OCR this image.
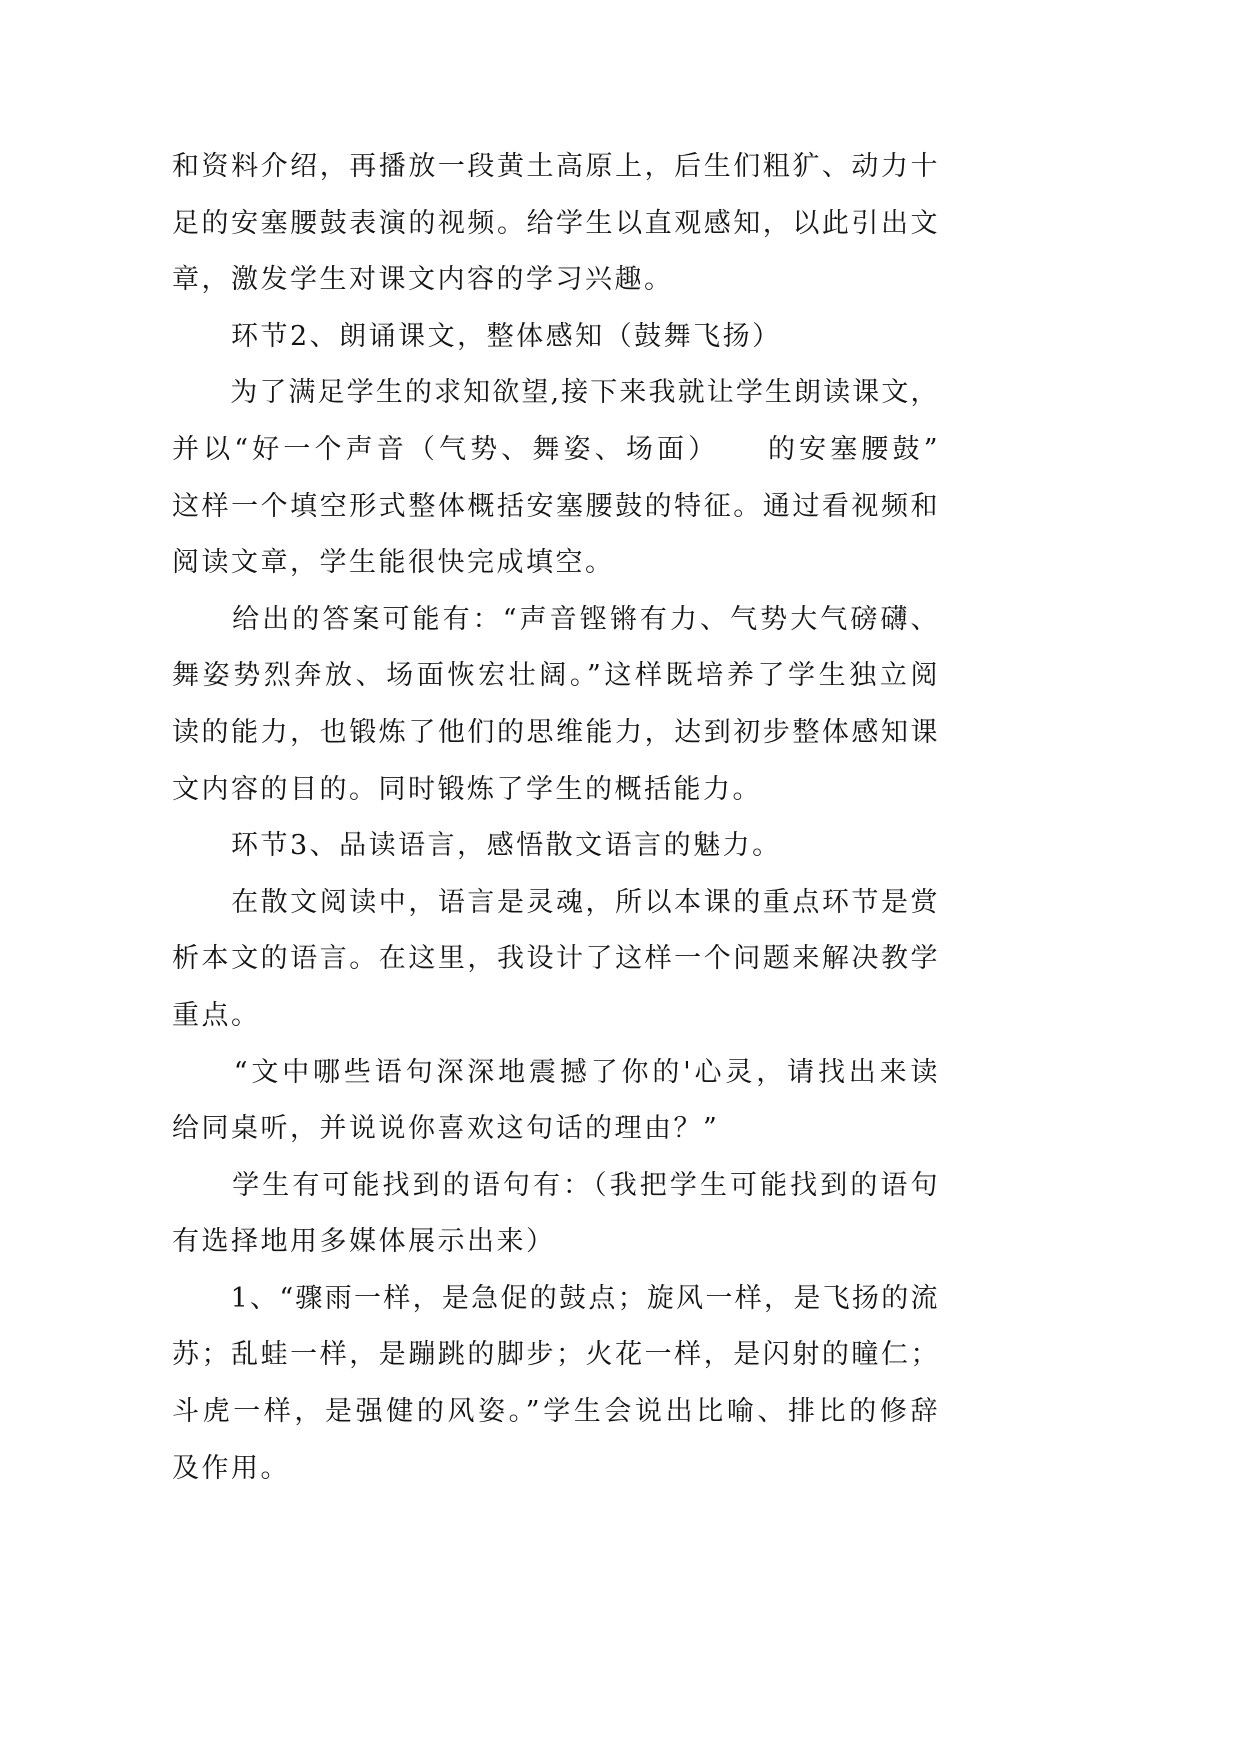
和资料介绍，再播放一段黄土高原上，后生们粗犷、动力十
足的安塞腰鼓表演的视频。给学生以直观感知，以此引出文
章，激发学生对课文内容的学习兴趣。
　　环节2、朗诵课文，整体感知（鼓舞飞扬）
　　为了满足学生的求知欲望,接下来我就让学生朗读课文，
并以“好一个声音（气势、舞姿、场面）　　的安塞腰鼓”
这样一个填空形式整体概括安塞腰鼓的特征。通过看视频和
阅读文章，学生能很快完成填空。
　　给出的答案可能有：“声音铿锵有力、气势大气磅礴、
舞姿势烈奔放、场面恢宏壮阔。”这样既培养了学生独立阅
读的能力，也锻炼了他们的思维能力，达到初步整体感知课
文内容的目的。同时锻炼了学生的概括能力。
　　环节3、品读语言，感悟散文语言的魅力。
　　在散文阅读中，语言是灵魂，所以本课的重点环节是赏
析本文的语言。在这里，我设计了这样一个问题来解决教学
重点。
　　“文中哪些语句深深地震撼了你的'心灵，请找出来读
给同桌听，并说说你喜欢这句话的理由？”
　　学生有可能找到的语句有：（我把学生可能找到的语句
有选择地用多媒体展示出来）
　　1、“骤雨一样，是急促的鼓点；旋风一样，是飞扬的流
苏；乱蛙一样，是蹦跳的脚步；火花一样，是闪射的瞳仁；
斗虎一样，是强健的风姿。”学生会说出比喻、排比的修辞
及作用。
